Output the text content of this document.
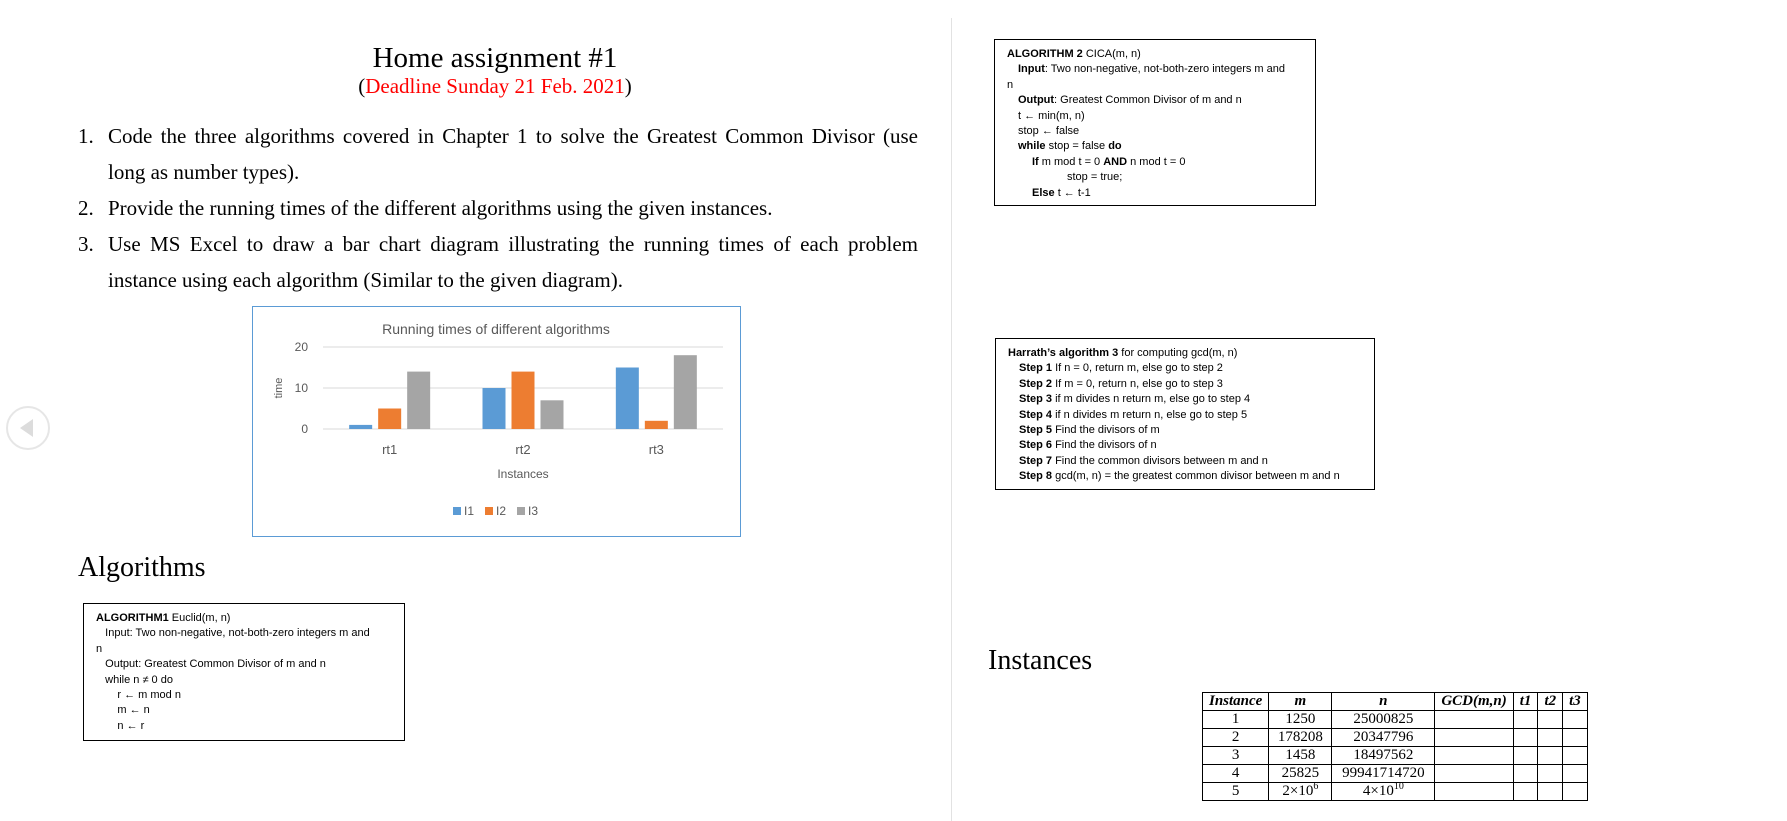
Home assignment #1
(Deadline Sunday 21 Feb. 2021)
1. Code the three algorithms covered in Chapter 1 to solve the Greatest Common Divisor (use long as number types).
2. Provide the running times of the different algorithms using the given instances.
3. Use MS Excel to draw a bar chart diagram illustrating the running times of each problem instance using each algorithm (Similar to the given diagram).
Running times of different algorithms
0
10
20
time
rt1	rt2	rt3
Instances
I1 I2 I3
Algorithms
ALGORITHM1 Euclid(m, n)
Input: Two non-negative, not-both-zero integers m and
n
Output: Greatest Common Divisor of m and n
while n ≠ 0 do
r ← m mod n
m ← n
n ← r
ALGORITHM 2 CICA(m, n)
Input: Two non-negative, not-both-zero integers m and
n
Output: Greatest Common Divisor of m and n
t ← min(m, n)
stop ← false
while stop = false do
If m mod t = 0 AND n mod t = 0
stop = true;
Else t ← t-1
Harrath’s algorithm 3 for computing gcd(m, n)
Step 1 If n = 0, return m, else go to step 2
Step 2 If m = 0, return n, else go to step 3
Step 3 if m divides n return m, else go to step 4
Step 4 if n divides m return n, else go to step 5
Step 5 Find the divisors of m
Step 6 Find the divisors of n
Step 7 Find the common divisors between m and n
Step 8 gcd(m, n) = the greatest common divisor between m and n
Instances
Instance	m	n	GCD(m,n)	t1	t2	t3
1	1250	25000825				
2	178208	20347796				
3	1458	18497562				
4	25825	99941714720				
5	$2\times 10^6$	$4\times 10^{10}$				
